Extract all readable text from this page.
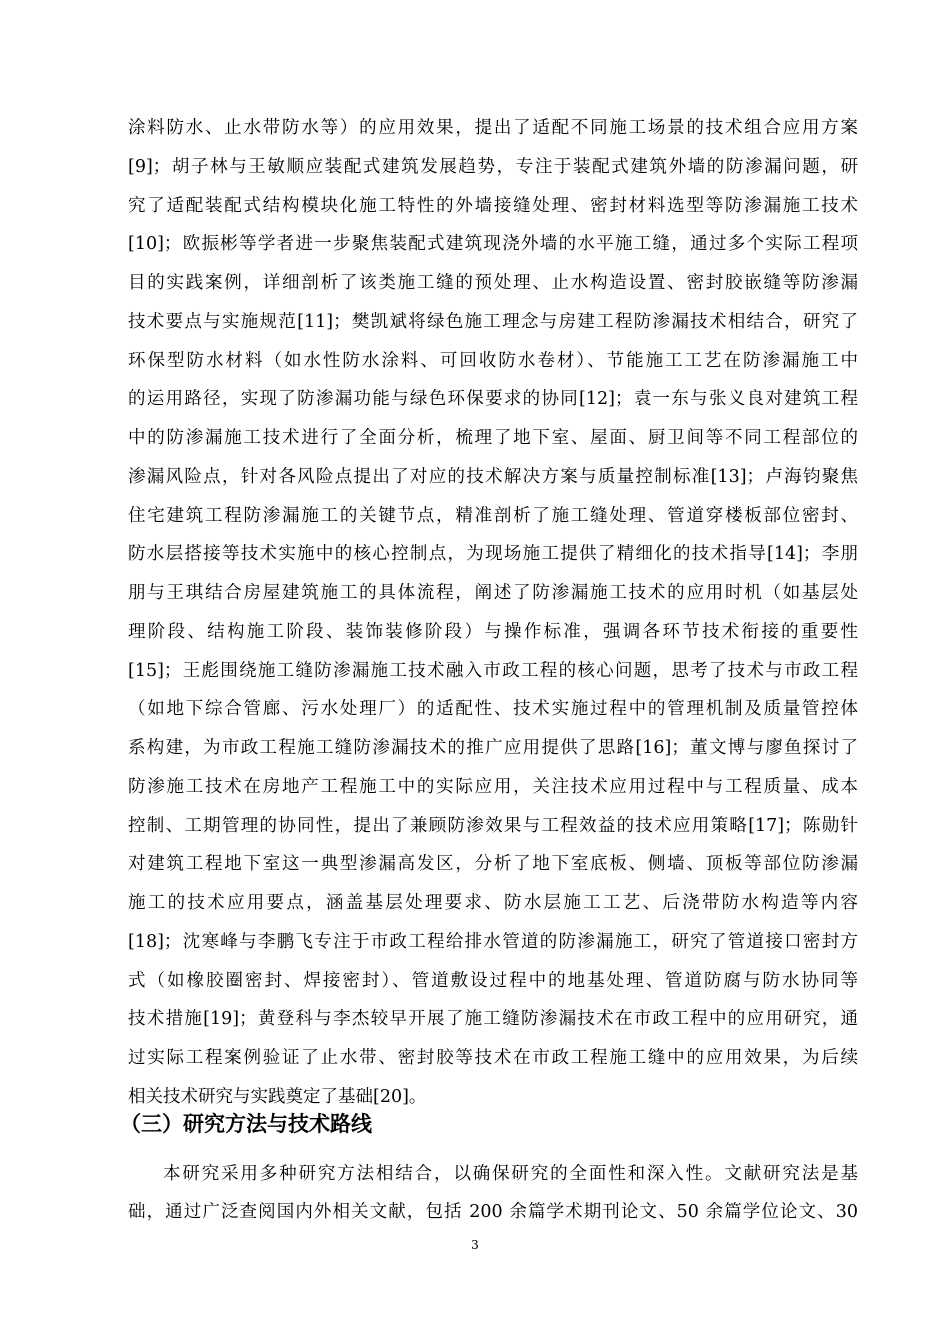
涂料防水、止水带防水等）的应用效果，提出了适配不同施工场景的技术组合应用方案
[9]；胡子林与王敏顺应装配式建筑发展趋势，专注于装配式建筑外墙的防渗漏问题，研
究了适配装配式结构模块化施工特性的外墙接缝处理、密封材料选型等防渗漏施工技术
[10]；欧振彬等学者进一步聚焦装配式建筑现浇外墙的水平施工缝，通过多个实际工程项
目的实践案例，详细剖析了该类施工缝的预处理、止水构造设置、密封胶嵌缝等防渗漏
技术要点与实施规范[11]；樊凯斌将绿色施工理念与房建工程防渗漏技术相结合，研究了
环保型防水材料（如水性防水涂料、可回收防水卷材）、节能施工工艺在防渗漏施工中
的运用路径，实现了防渗漏功能与绿色环保要求的协同[12]；袁一东与张义良对建筑工程
中的防渗漏施工技术进行了全面分析，梳理了地下室、屋面、厨卫间等不同工程部位的
渗漏风险点，针对各风险点提出了对应的技术解决方案与质量控制标准[13]；卢海钧聚焦
住宅建筑工程防渗漏施工的关键节点，精准剖析了施工缝处理、管道穿楼板部位密封、
防水层搭接等技术实施中的核心控制点，为现场施工提供了精细化的技术指导[14]；李朋
朋与王琪结合房屋建筑施工的具体流程，阐述了防渗漏施工技术的应用时机（如基层处
理阶段、结构施工阶段、装饰装修阶段）与操作标准，强调各环节技术衔接的重要性
[15]；王彪围绕施工缝防渗漏施工技术融入市政工程的核心问题，思考了技术与市政工程
（如地下综合管廊、污水处理厂）的适配性、技术实施过程中的管理机制及质量管控体
系构建，为市政工程施工缝防渗漏技术的推广应用提供了思路[16]；董文博与廖鱼探讨了
防渗施工技术在房地产工程施工中的实际应用，关注技术应用过程中与工程质量、成本
控制、工期管理的协同性，提出了兼顾防渗效果与工程效益的技术应用策略[17]；陈勋针
对建筑工程地下室这一典型渗漏高发区，分析了地下室底板、侧墙、顶板等部位防渗漏
施工的技术应用要点，涵盖基层处理要求、防水层施工工艺、后浇带防水构造等内容
[18]；沈寒峰与李鹏飞专注于市政工程给排水管道的防渗漏施工，研究了管道接口密封方
式（如橡胶圈密封、焊接密封）、管道敷设过程中的地基处理、管道防腐与防水协同等
技术措施[19]；黄登科与李杰较早开展了施工缝防渗漏技术在市政工程中的应用研究，通
过实际工程案例验证了止水带、密封胶等技术在市政工程施工缝中的应用效果，为后续
相关技术研究与实践奠定了基础[20]。
（三）研究方法与技术路线
本研究采用多种研究方法相结合，以确保研究的全面性和深入性。文献研究法是基
础，通过广泛查阅国内外相关文献，包括 200 余篇学术期刊论文、50 余篇学位论文、30
3
